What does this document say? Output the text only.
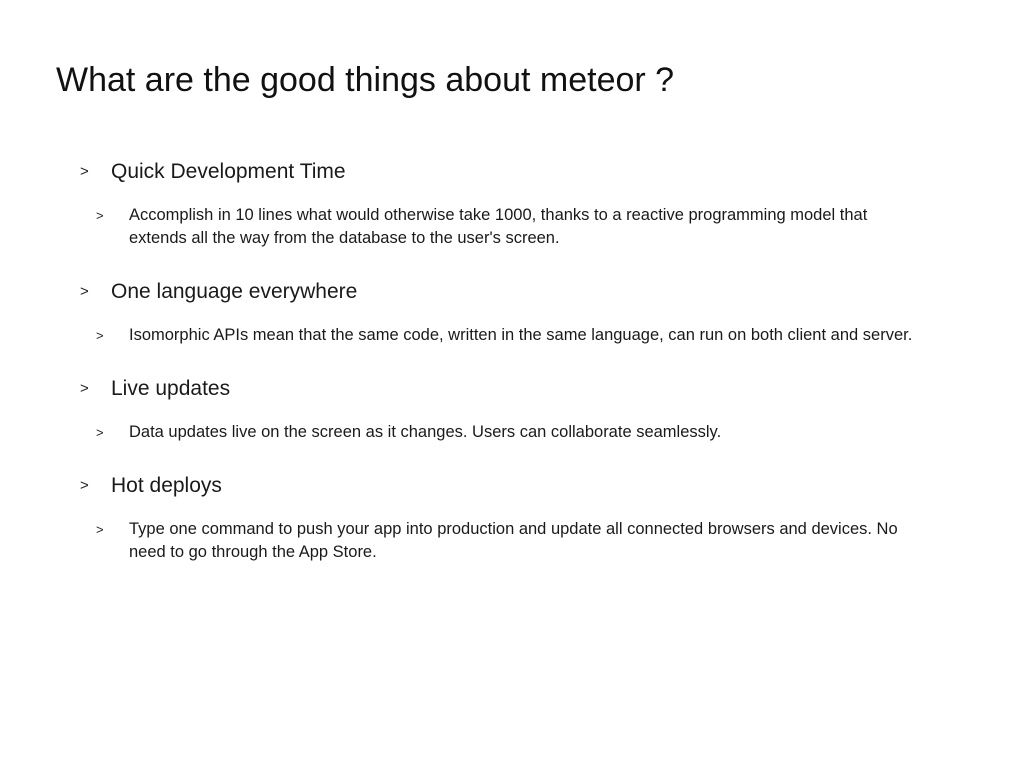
What are the good things about meteor ?
>	Quick Development Time
>	Accomplish in 10 lines what would otherwise take 1000, thanks to a reactive programming model that extends all the way from the database to the user's screen.
>	One language everywhere
>	Isomorphic APIs mean that the same code, written in the same language, can run on both client and server.
>	Live updates
>	Data updates live on the screen as it changes. Users can collaborate seamlessly.
>	Hot deploys
>	Type one command to push your app into production and update all connected browsers and devices. No need to go through the App Store.
